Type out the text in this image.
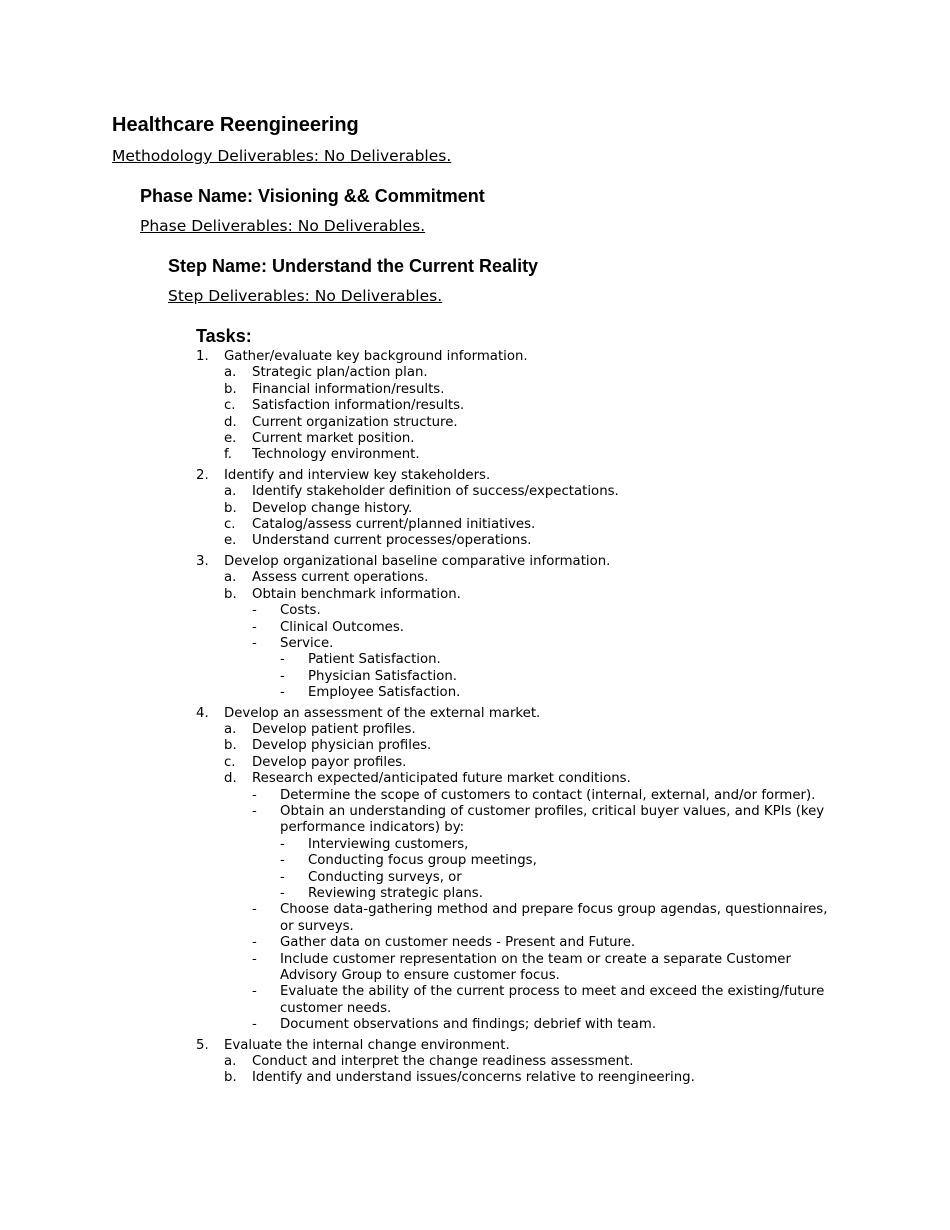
Healthcare Reengineering

Methodology Deliverables: No Deliverables.

Phase Name: Visioning && Commitment

Phase Deliverables: No Deliverables.

Step Name: Understand the Current Reality

Step Deliverables: No Deliverables.

Tasks:
1. Gather/evaluate key background information.
a. Strategic plan/action plan.
b. Financial information/results.
c. Satisfaction information/results.
d. Current organization structure.
e. Current market position.
f. Technology environment.
2. Identify and interview key stakeholders.
a. Identify stakeholder definition of success/expectations.
b. Develop change history.
c. Catalog/assess current/planned initiatives.
e. Understand current processes/operations.
3. Develop organizational baseline comparative information.
a. Assess current operations.
b. Obtain benchmark information.
- Costs.
- Clinical Outcomes.
- Service.
- Patient Satisfaction.
- Physician Satisfaction.
- Employee Satisfaction.
4. Develop an assessment of the external market.
a. Develop patient profiles.
b. Develop physician profiles.
c. Develop payor profiles.
d. Research expected/anticipated future market conditions.
- Determine the scope of customers to contact (internal, external, and/or former).
- Obtain an understanding of customer profiles, critical buyer values, and KPIs (key performance indicators) by:
- Interviewing customers,
- Conducting focus group meetings,
- Conducting surveys, or
- Reviewing strategic plans.
- Choose data-gathering method and prepare focus group agendas, questionnaires, or surveys.
- Gather data on customer needs - Present and Future.
- Include customer representation on the team or create a separate Customer Advisory Group to ensure customer focus.
- Evaluate the ability of the current process to meet and exceed the existing/future customer needs.
- Document observations and findings; debrief with team.
5. Evaluate the internal change environment.
a. Conduct and interpret the change readiness assessment.
b. Identify and understand issues/concerns relative to reengineering.
